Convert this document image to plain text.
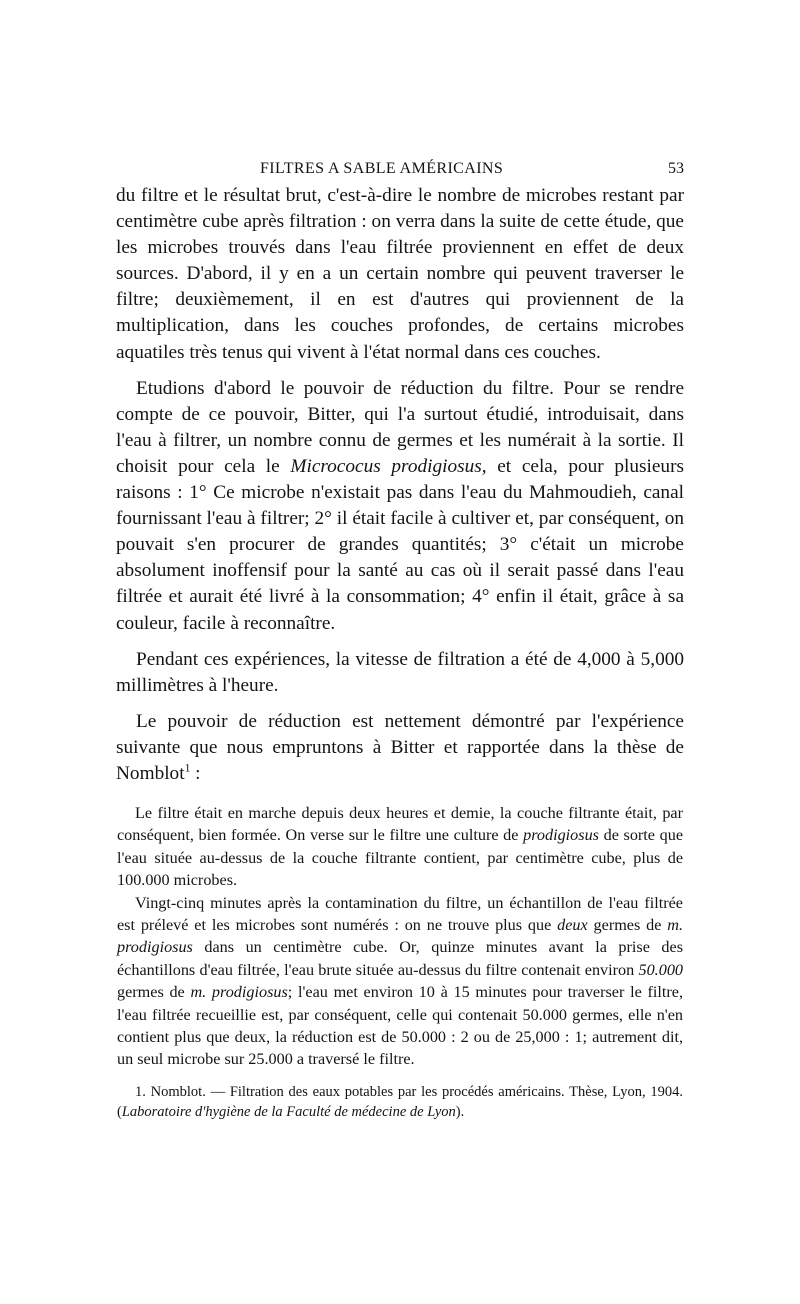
FILTRES A SABLE AMÉRICAINS	53

du filtre et le résultat brut, c'est-à-dire le nombre de microbes restant par centimètre cube après filtration : on verra dans la suite de cette étude, que les microbes trouvés dans l'eau filtrée proviennent en effet de deux sources. D'abord, il y en a un certain nombre qui peuvent traverser le filtre; deuxièmement, il en est d'autres qui proviennent de la multiplication, dans les couches profondes, de certains microbes aquatiles très tenus qui vivent à l'état normal dans ces couches.

Etudions d'abord le pouvoir de réduction du filtre. Pour se rendre compte de ce pouvoir, Bitter, qui l'a surtout étudié, introduisait, dans l'eau à filtrer, un nombre connu de germes et les numérait à la sortie. Il choisit pour cela le Micrococus prodigiosus, et cela, pour plusieurs raisons : 1° Ce microbe n'existait pas dans l'eau du Mahmoudieh, canal fournissant l'eau à filtrer; 2° il était facile à cultiver et, par conséquent, on pouvait s'en procurer de grandes quantités; 3° c'était un microbe absolument inoffensif pour la santé au cas où il serait passé dans l'eau filtrée et aurait été livré à la consommation; 4° enfin il était, grâce à sa couleur, facile à reconnaître.

Pendant ces expériences, la vitesse de filtration a été de 4,000 à 5,000 millimètres à l'heure.

Le pouvoir de réduction est nettement démontré par l'expérience suivante que nous empruntons à Bitter et rapportée dans la thèse de Nomblot$^1$ :

Le filtre était en marche depuis deux heures et demie, la couche filtrante était, par conséquent, bien formée. On verse sur le filtre une culture de prodigiosus de sorte que l'eau située au-dessus de la couche filtrante contient, par centimètre cube, plus de 100.000 microbes.

Vingt-cinq minutes après la contamination du filtre, un échantillon de l'eau filtrée est prélevé et les microbes sont numérés : on ne trouve plus que deux germes de m. prodigiosus dans un centimètre cube. Or, quinze minutes avant la prise des échantillons d'eau filtrée, l'eau brute située au-dessus du filtre contenait environ 50.000 germes de m. prodigiosus; l'eau met environ 10 à 15 minutes pour traverser le filtre, l'eau filtrée recueillie est, par conséquent, celle qui contenait 50.000 germes, elle n'en contient plus que deux, la réduction est de 50.000 : 2 ou de 25,000 : 1; autrement dit, un seul microbe sur 25.000 a traversé le filtre.

1. Nomblot. — Filtration des eaux potables par les procédés américains. Thèse, Lyon, 1904. (Laboratoire d'hygiène de la Faculté de médecine de Lyon).
